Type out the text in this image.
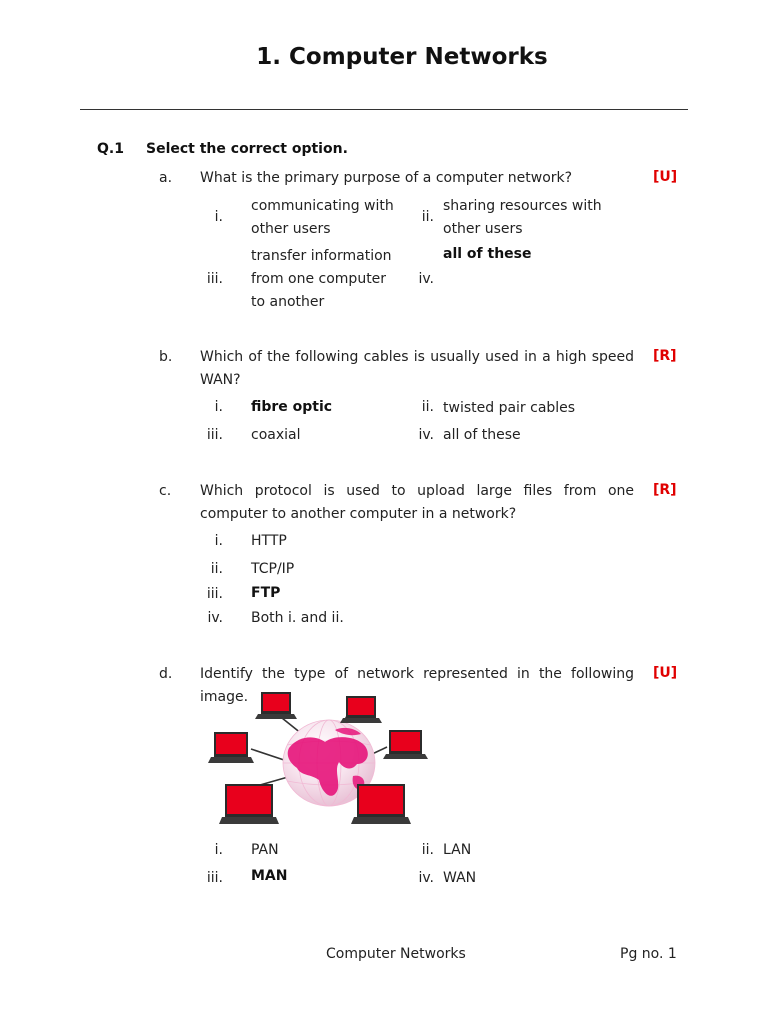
1. Computer Networks
Q.1 Select the correct option.
a. What is the primary purpose of a computer network?	[U]
i.
communicating with other users
ii.
sharing resources with other users
iii.
transfer information from one computer to another
iv.
all of these
b. Which of the following cables is usually used in a high speed WAN?
[R]
i. fibre optic	ii. twisted pair cables
iii. coaxial	iv. all of these
c. Which protocol is used to upload large files from one computer to another computer in a network?
[R]
i. HTTP
ii. TCP/IP
iii. FTP
iv. Both i. and ii.
d. Identify the type of network represented in the following image.
[U]
i. PAN	ii. LAN
iii. MAN	iv. WAN
Computer Networks	Pg no. 1
